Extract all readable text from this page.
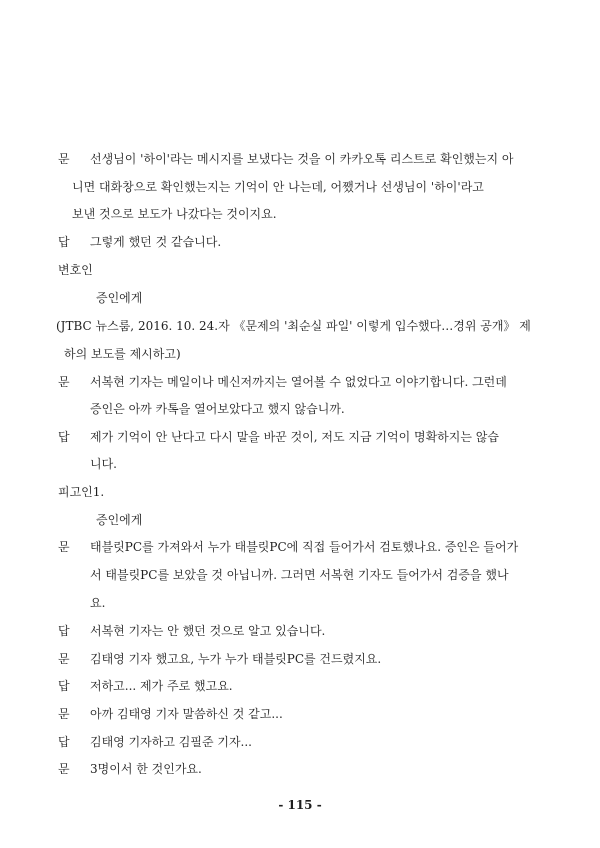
문 선생님이 '하이'라는 메시지를 보냈다는 것을 이 카카오톡 리스트로 확인했는지 아
니면 대화창으로 확인했는지는 기억이 안 나는데, 어쨌거나 선생님이 '하이'라고
보낸 것으로 보도가 나갔다는 것이지요.
답 그렇게 했던 것 같습니다.
변호인
증인에게
(JTBC 뉴스룸, 2016. 10. 24.자 《문제의 '최순실 파일' 이렇게 입수했다…경위 공개》 제
하의 보도를 제시하고)
문 서복현 기자는 메일이나 메신저까지는 열어볼 수 없었다고 이야기합니다. 그런데
증인은 아까 카톡을 열어보았다고 했지 않습니까.
답 제가 기억이 안 난다고 다시 말을 바꾼 것이, 저도 지금 기억이 명확하지는 않습
니다.
피고인1.
증인에게
문 태블릿PC를 가져와서 누가 태블릿PC에 직접 들어가서 검토했나요. 증인은 들어가
서 태블릿PC를 보았을 것 아닙니까. 그러면 서복현 기자도 들어가서 검증을 했나
요.
답 서복현 기자는 안 했던 것으로 알고 있습니다.
문 김태영 기자 했고요, 누가 누가 태블릿PC를 건드렸지요.
답 저하고... 제가 주로 했고요.
문 아까 김태영 기자 말씀하신 것 같고...
답 김태영 기자하고 김필준 기자...
문 3명이서 한 것인가요.
- 115 -
